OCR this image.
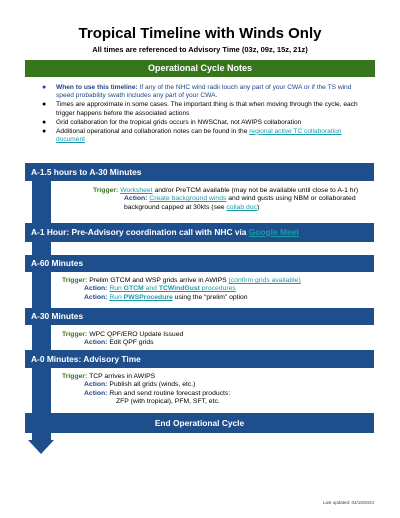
Tropical Timeline with Winds Only
All times are referenced to Advisory Time (03z, 09z, 15z, 21z)
Operational Cycle Notes
● When to use this timeline: If any of the NHC wind radii touch any part of your CWA or if the TS wind speed probability swath includes any part of your CWA.
● Times are approximate in some cases. The important thing is that when moving through the cycle, each trigger happens before the associated actions
● Grid collaboration for the tropical grids occurs in NWSChat, not AWIPS collaboration
● Additional operational and collaboration notes can be found in the regional active TC collaboration document
A-1.5 hours to A-30 Minutes
Trigger: Worksheet and/or PreTCM available (may not be available until close to A-1 hr)
Action: Create background winds and wind gusts using NBM or collaborated
background capped at 30kts (see collab doc)
A-1 Hour: Pre-Advisory coordination call with NHC via Google Meet
A-60 Minutes
Trigger: Prelim GTCM and WSP grids arrive in AWIPS (confirm grids available)
Action: Run GTCM and TCWindGust procedures
Action: Run PWSProcedure using the “prelim” option
A-30 Minutes
Trigger: WPC QPF/ERO Update Issued
Action: Edit QPF grids
A-0 Minutes: Advisory Time
Trigger: TCP arrives in AWIPS
Action: Publish all grids (winds, etc.)
Action: Run and send routine forecast products:
ZFP (with tropical), PFM, SFT, etc.
End Operational Cycle
Last updated: 04/19/2024
